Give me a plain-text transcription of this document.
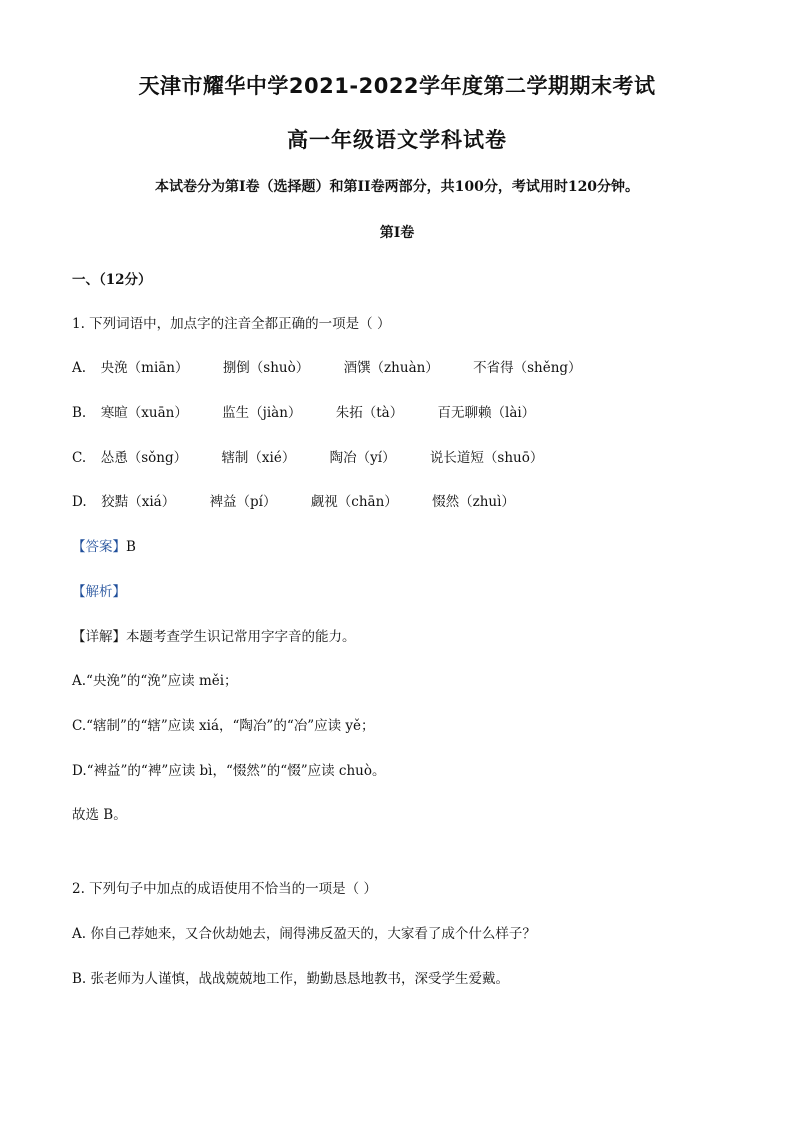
天津市耀华中学2021-2022学年度第二学期期末考试
高一年级语文学科试卷
本试卷分为第Ⅰ卷（选择题）和第II卷两部分，共100分，考试用时120分钟。
第Ⅰ卷
一、（12分）
1. 下列词语中，加点字的注音全都正确的一项是（ ）
A. 央浼（miān）	捌倒（shuò）	酒馔（zhuàn）	不省得（shěng）
B. 寒暄（xuān）	监生（jiàn）	朱拓（tà）	百无聊赖（lài）
C. 怂恿（sǒng）	辖制（xié）	陶冶（yí）	说长道短（shuō）
D. 狡黠（xiá）	裨益（pí）	觑视（chān）	惙然（zhuì）
【答案】B
【解析】
【详解】本题考查学生识记常用字字音的能力。
A.“央浼”的“浼”应读 měi；
C.“辖制”的“辖”应读 xiá，“陶冶”的“冶”应读 yě；
D.“裨益”的“裨”应读 bì，“惙然”的“惙”应读 chuò。
故选 B。
2. 下列句子中加点的成语使用不恰当的一项是（ ）
A. 你自己荐她来，又合伙劫她去，闹得沸反盈天的，大家看了成个什么样子？
B. 张老师为人谨慎，战战兢兢地工作，勤勤恳恳地教书，深受学生爱戴。
